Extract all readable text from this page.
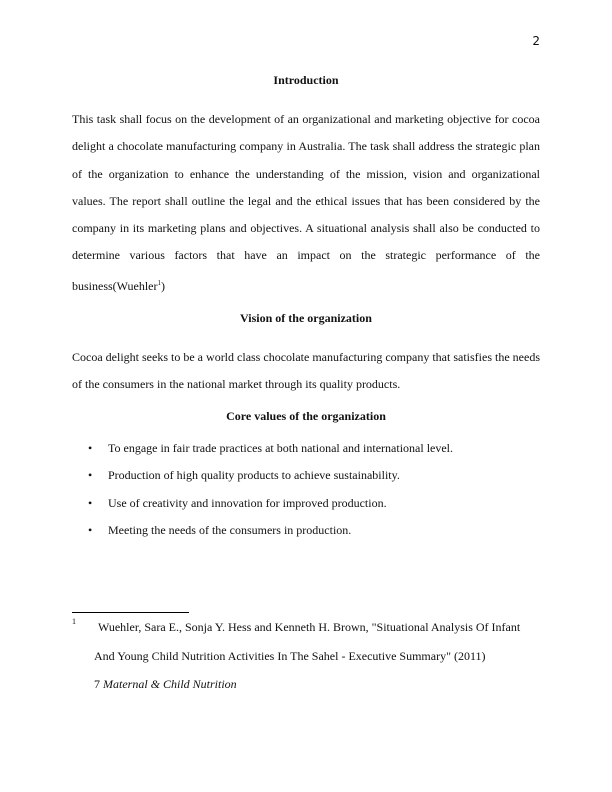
2
Introduction

This task shall focus on the development of an organizational and marketing objective for cocoa delight a chocolate manufacturing company in Australia. The task shall address the strategic plan of the organization to enhance the understanding of the mission, vision and organizational values. The report shall outline the legal and the ethical issues that has been considered by the company in its marketing plans and objectives. A situational analysis shall also be conducted to determine various factors that have an impact on the strategic performance of the

business(Wuehler$^1$)

Vision of the organization

Cocoa delight seeks to be a world class chocolate manufacturing company that satisfies the needs of the consumers in the national market through its quality products.

Core values of the organization
• To engage in fair trade practices at both national and international level.
• Production of high quality products to achieve sustainability.
• Use of creativity and innovation for improved production.
• Meeting the needs of the consumers in production.
1	Wuehler, Sara E., Sonja Y. Hess and Kenneth H. Brown, "Situational Analysis Of Infant
And Young Child Nutrition Activities In The Sahel - Executive Summary" (2011)
7 Maternal & Child Nutrition
